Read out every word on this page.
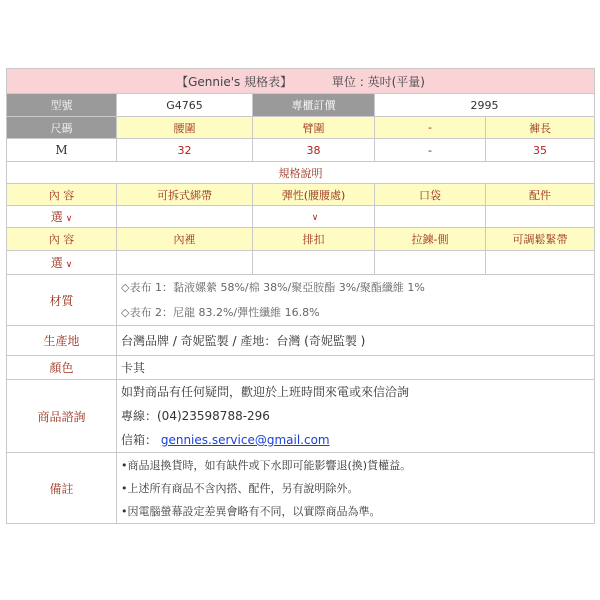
【Gennie's 規格表】 單位 : 英吋(平量)				
型號	G4765	專櫃訂價	2995	
尺碼	腰圍	臂圍	-	褲長
M	32	38	-	35
規格說明				
內 容	可拆式綁帶	彈性(腰腰處)	口袋	配件
選 ∨		∨		
內 容	內裡	排扣	拉鍊-側	可調鬆緊帶
選 ∨				
材質	◇表布 1：黏液嫘縈 58%/棉 38%/聚亞胺酯 3%/聚酯纖維 1%
◇表布 2：尼龍 83.2%/彈性纖維 16.8%			

生產地	台灣品牌 / 奇妮監製 / 產地：台灣 (奇妮監製 )			
顏色	卡其			
商品諮詢	如對商品有任何疑問，歡迎於上班時間來電或來信洽詢
專線：(04)23598788-296
信箱： gennies.service@gmail.com			

備註	•商品退換貨時，如有缺件或下水即可能影響退(換)貨權益。
•上述所有商品不含內搭、配件，另有說明除外。
•因電腦螢幕設定差異會略有不同，以實際商品為準。			
